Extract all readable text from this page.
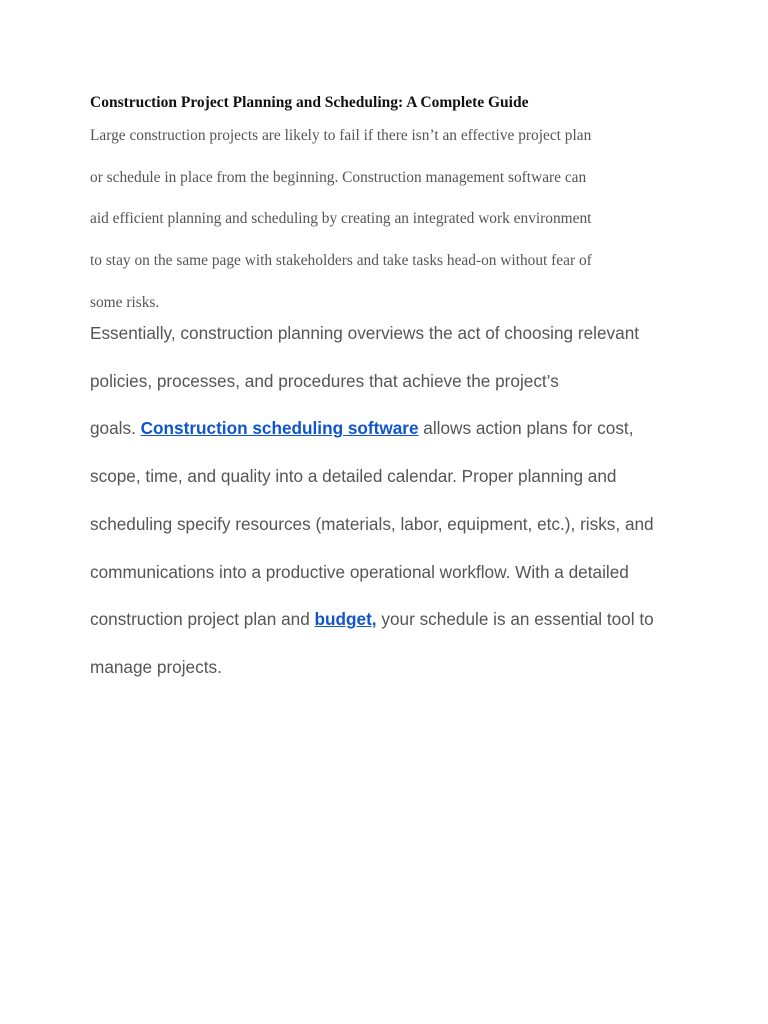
Construction Project Planning and Scheduling: A Complete Guide

Large construction projects are likely to fail if there isn’t an effective project plan
or schedule in place from the beginning. Construction management software can
aid efficient planning and scheduling by creating an integrated work environment
to stay on the same page with stakeholders and take tasks head-on without fear of
some risks.

Essentially, construction planning overviews the act of choosing relevant
policies, processes, and procedures that achieve the project’s
goals. Construction scheduling software allows action plans for cost,
scope, time, and quality into a detailed calendar. Proper planning and
scheduling specify resources (materials, labor, equipment, etc.), risks, and
communications into a productive operational workflow. With a detailed
construction project plan and budget, your schedule is an essential tool to
manage projects.
